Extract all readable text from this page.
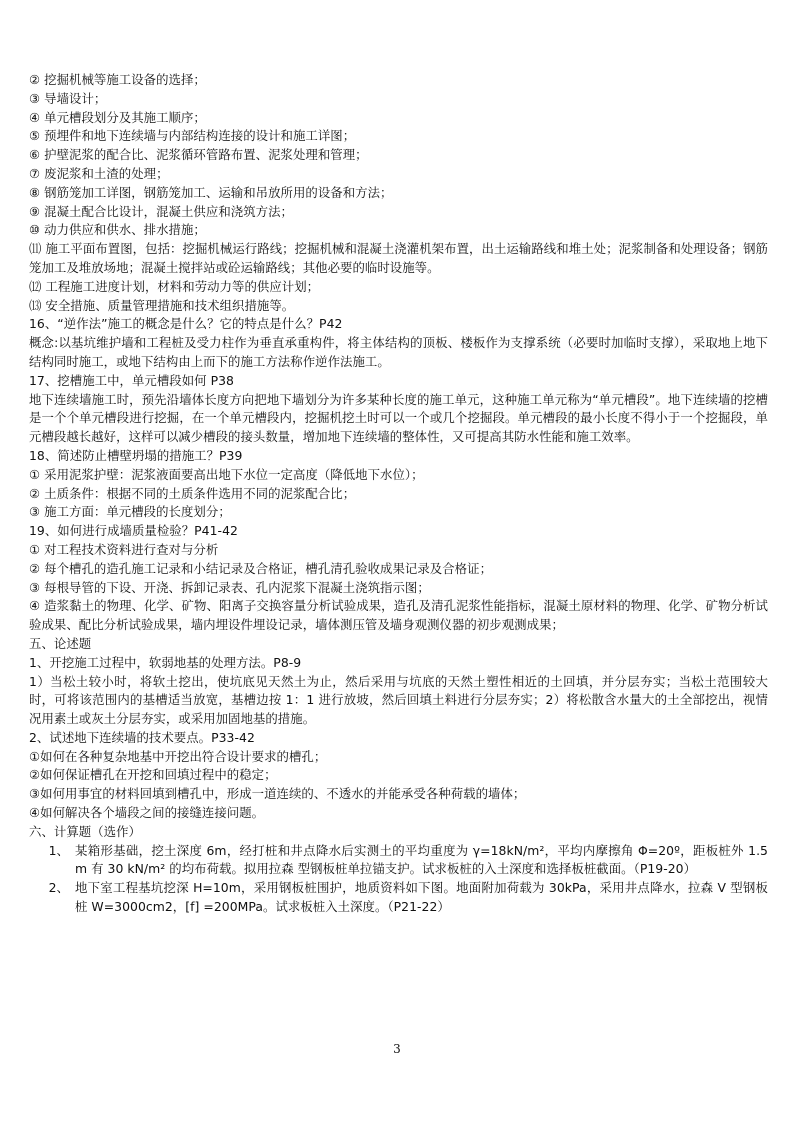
② 挖掘机械等施工设备的选择；
③ 导墙设计；
④ 单元槽段划分及其施工顺序；
⑤ 预埋件和地下连续墙与内部结构连接的设计和施工详图；
⑥ 护壁泥浆的配合比、泥浆循环管路布置、泥浆处理和管理；
⑦ 废泥浆和土渣的处理；
⑧ 钢筋笼加工详图，钢筋笼加工、运输和吊放所用的设备和方法；
⑨ 混凝土配合比设计，混凝土供应和浇筑方法；
⑩ 动力供应和供水、排水措施；
⑾ 施工平面布置图，包括：挖掘机械运行路线；挖掘机械和混凝土浇灌机架布置，出土运输路线和堆土处；泥浆制备和处理设备；钢筋笼加工及堆放场地；混凝土搅拌站或砼运输路线；其他必要的临时设施等。
⑿ 工程施工进度计划，材料和劳动力等的供应计划；
⒀ 安全措施、质量管理措施和技术组织措施等。
16、“逆作法”施工的概念是什么？它的特点是什么？P42
概念:以基坑维护墙和工程桩及受力柱作为垂直承重构件，将主体结构的顶板、楼板作为支撑系统（必要时加临时支撑），采取地上地下结构同时施工，或地下结构由上而下的施工方法称作逆作法施工。
17、挖槽施工中，单元槽段如何 P38
地下连续墙施工时，预先沿墙体长度方向把地下墙划分为许多某种长度的施工单元，这种施工单元称为“单元槽段”。地下连续墙的挖槽是一个个单元槽段进行挖掘，在一个单元槽段内，挖掘机挖土时可以一个或几个挖掘段。单元槽段的最小长度不得小于一个挖掘段，单元槽段越长越好，这样可以减少槽段的接头数量，增加地下连续墙的整体性，又可提高其防水性能和施工效率。
18、简述防止槽壁坍塌的措施工？P39
① 采用泥浆护壁：泥浆液面要高出地下水位一定高度（降低地下水位）；
② 土质条件：根据不同的土质条件选用不同的泥浆配合比；
③ 施工方面：单元槽段的长度划分；
19、如何进行成墙质量检验？P41-42
① 对工程技术资料进行查对与分析
② 每个槽孔的造孔施工记录和小结记录及合格证，槽孔清孔验收成果记录及合格证；
③ 每根导管的下设、开浇、拆卸记录表、孔内泥浆下混凝土浇筑指示图；
④ 造浆黏土的物理、化学、矿物、阳离子交换容量分析试验成果，造孔及清孔泥浆性能指标，混凝土原材料的物理、化学、矿物分析试验成果、配比分析试验成果，墙内埋设件埋设记录，墙体测压管及墙身观测仪器的初步观测成果；
五、论述题
1、开挖施工过程中，软弱地基的处理方法。P8-9
1）当松土较小时，将软土挖出，使坑底见天然土为止，然后采用与坑底的天然土塑性相近的土回填，并分层夯实；当松土范围较大时，可将该范围内的基槽适当放宽，基槽边按 1：1 进行放坡，然后回填土料进行分层夯实；2）将松散含水量大的土全部挖出，视情况用素土或灰土分层夯实，或采用加固地基的措施。
2、试述地下连续墙的技术要点。P33-42
①如何在各种复杂地基中开挖出符合设计要求的槽孔；
②如何保证槽孔在开挖和回填过程中的稳定；
③如何用事宜的材料回填到槽孔中，形成一道连续的、不透水的并能承受各种荷载的墙体；
④如何解决各个墙段之间的接缝连接问题。
六、计算题（选作）
1、 某箱形基础，挖土深度 6m，经打桩和井点降水后实测土的平均重度为 γ=18kN/m²，平均内摩擦角 Φ=20º，距板桩外 1.5 m 有 30 kN/m² 的均布荷载。拟用拉森 型钢板桩单拉锚支护。试求板桩的入土深度和选择板桩截面。（P19-20）
2、 地下室工程基坑挖深 H=10m，采用钢板桩围护，地质资料如下图。地面附加荷载为 30kPa，采用井点降水，拉森 V 型钢板桩 W=3000cm2，[f] =200MPa。试求板桩入土深度。（P21-22）
3
